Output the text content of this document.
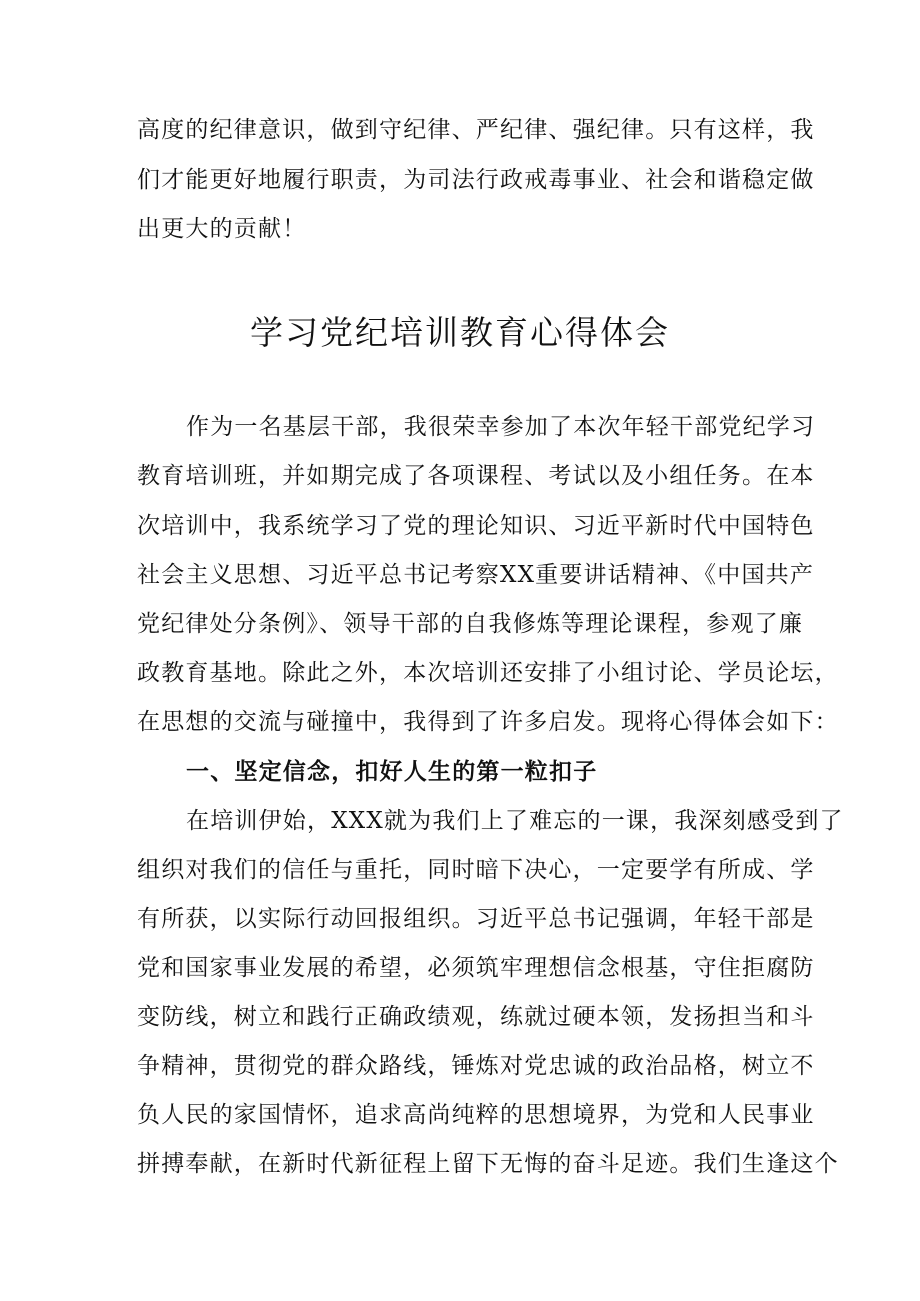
高度的纪律意识，做到守纪律、严纪律、强纪律。只有这样，我
们才能更好地履行职责，为司法行政戒毒事业、社会和谐稳定做
出更大的贡献！
学习党纪培训教育心得体会
作为一名基层干部，我很荣幸参加了本次年轻干部党纪学习
教育培训班，并如期完成了各项课程、考试以及小组任务。在本
次培训中，我系统学习了党的理论知识、习近平新时代中国特色
社会主义思想、习近平总书记考察XX重要讲话精神、《中国共产
党纪律处分条例》、领导干部的自我修炼等理论课程，参观了廉
政教育基地。除此之外，本次培训还安排了小组讨论、学员论坛，
在思想的交流与碰撞中，我得到了许多启发。现将心得体会如下：
一、坚定信念，扣好人生的第一粒扣子
在培训伊始，XXX就为我们上了难忘的一课，我深刻感受到了
组织对我们的信任与重托，同时暗下决心，一定要学有所成、学
有所获，以实际行动回报组织。习近平总书记强调，年轻干部是
党和国家事业发展的希望，必须筑牢理想信念根基，守住拒腐防
变防线，树立和践行正确政绩观，练就过硬本领，发扬担当和斗
争精神，贯彻党的群众路线，锤炼对党忠诚的政治品格，树立不
负人民的家国情怀，追求高尚纯粹的思想境界，为党和人民事业
拼搏奉献，在新时代新征程上留下无悔的奋斗足迹。我们生逢这个
